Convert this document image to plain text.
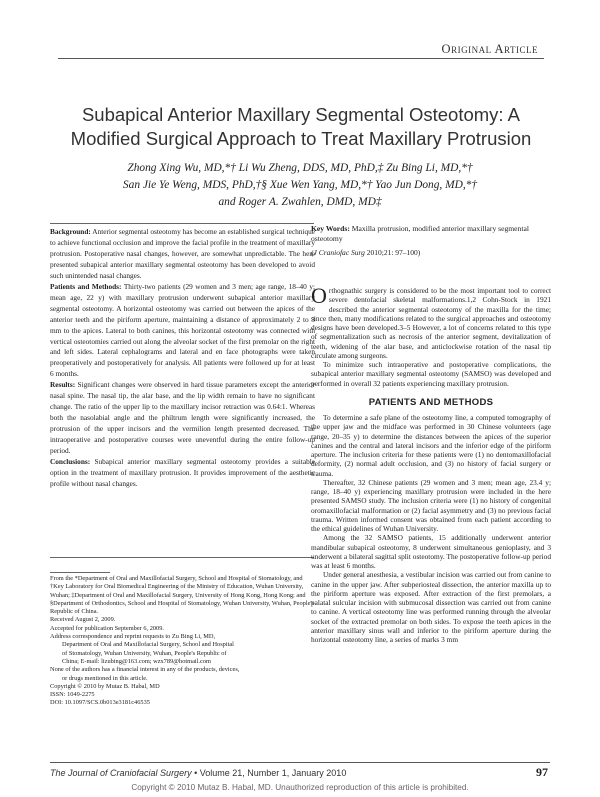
Original Article
Subapical Anterior Maxillary Segmental Osteotomy: A
Modified Surgical Approach to Treat Maxillary Protrusion
Zhong Xing Wu, MD,*† Li Wu Zheng, DDS, MD, PhD,‡ Zu Bing Li, MD,*†
San Jie Ye Weng, MDS, PhD,†§ Xue Wen Yang, MD,*† Yao Jun Dong, MD,*†
and Roger A. Zwahlen, DMD, MD‡

Background: Anterior segmental osteotomy has become an established surgical technique to achieve functional occlusion and improve the facial profile in the treatment of maxillary protrusion. Postoperative nasal changes, however, are somewhat unpredictable. The here presented subapical anterior maxillary segmental osteotomy has been developed to avoid such unintended nasal changes.

Patients and Methods: Thirty-two patients (29 women and 3 men; age range, 18–40 y; mean age, 22 y) with maxillary protrusion underwent subapical anterior maxillary segmental osteotomy. A horizontal osteotomy was carried out between the apices of the anterior teeth and the piriform aperture, maintaining a distance of approximately 2 to 3 mm to the apices. Lateral to both canines, this horizontal osteotomy was connected with vertical osteotomies carried out along the alveolar socket of the first premolar on the right and left sides. Lateral cephalograms and lateral and en face photographs were taken preoperatively and postoperatively for analysis. All patients were followed up for at least 6 months.

Results: Significant changes were observed in hard tissue parameters except the anterior nasal spine. The nasal tip, the alar base, and the lip width remain to have no significant change. The ratio of the upper lip to the maxillary incisor retraction was 0.64:1. Whereas both the nasolabial angle and the philtrum length were significantly increased, the protrusion of the upper incisors and the vermilion length presented decreased. The intraoperative and postoperative courses were uneventful during the entire follow-up period.

Conclusions: Subapical anterior maxillary segmental osteotomy provides a suitable option in the treatment of maxillary protrusion. It provides improvement of the aesthetic profile without nasal changes.

Key Words: Maxilla protrusion, modified anterior maxillary segmental osteotomy
(J Craniofac Surg 2010;21: 97–100)

Orthognathic surgery is considered to be the most important tool to correct severe dentofacial skeletal malformations.1,2 Cohn-Stock in 1921 described the anterior segmental osteotomy of the maxilla for the time; since then, many modifications related to the surgical approaches and osteotomy designs have been developed.3–5 However, a lot of concerns related to this type of segmentalization such as necrosis of the anterior segment, devitalization of teeth, widening of the alar base, and anticlockwise rotation of the nasal tip circulate among surgeons.

To minimize such intraoperative and postoperative complications, the subapical anterior maxillary segmental osteotomy (SAMSO) was developed and performed in overall 32 patients experiencing maxillary protrusion.

PATIENTS AND METHODS

To determine a safe plane of the osteotomy line, a computed tomography of the upper jaw and the midface was performed in 30 Chinese volunteers (age range, 20–35 y) to determine the distances between the apices of the superior canines and the central and lateral incisors and the inferior edge of the piriform aperture. The inclusion criteria for these patients were (1) no dentomaxillofacial deformity, (2) normal adult occlusion, and (3) no history of facial surgery or trauma.

Thereafter, 32 Chinese patients (29 women and 3 men; mean age, 23.4 y; range, 18–40 y) experiencing maxillary protrusion were included in the here presented SAMSO study. The inclusion criteria were (1) no history of congenital oromaxillofacial malformation or (2) facial asymmetry and (3) no previous facial trauma. Written informed consent was obtained from each patient according to the ethical guidelines of Wuhan University.

Among the 32 SAMSO patients, 15 additionally underwent anterior mandibular subapical osteotomy, 8 underwent simultaneous genioplasty, and 3 underwent a bilateral sagittal split osteotomy. The postoperative follow-up period was at least 6 months.

Under general anesthesia, a vestibular incision was carried out from canine to canine in the upper jaw. After subperiosteal dissection, the anterior maxilla up to the piriform aperture was exposed. After extraction of the first premolars, a palatal sulcular incision with submucosal dissection was carried out from canine to canine. A vertical osteotomy line was performed running through the alveolar socket of the extracted premolar on both sides. To expose the teeth apices in the anterior maxillary sinus wall and inferior to the piriform aperture during the horizontal osteotomy line, a series of marks 3 mm

From the *Department of Oral and Maxillofacial Surgery, School and Hospital of Stomatology, and †Key Laboratory for Oral Biomedical Engineering of the Ministry of Education, Wuhan University, Wuhan; ‡Department of Oral and Maxillofacial Surgery, University of Hong Kong, Hong Kong; and §Department of Orthodontics, School and Hospital of Stomatology, Wuhan University, Wuhan, People's Republic of China.

Received August 2, 2009.

Accepted for publication September 6, 2009.

Address correspondence and reprint requests to Zu Bing Li, MD,

Department of Oral and Maxillofacial Surgery, School and Hospital

of Stomatology, Wuhan University, Wuhan, People's Republic of

China; E-mail: lizubing@163.com; wzx789@hotmail.com

None of the authors has a financial interest in any of the products, devices,

or drugs mentioned in this article.

Copyright © 2010 by Mutaz B. Habal, MD

ISSN: 1049-2275

DOI: 10.1097/SCS.0b013e3181c46535

The Journal of Craniofacial Surgery • Volume 21, Number 1, January 2010	97
Copyright © 2010 Mutaz B. Habal, MD. Unauthorized reproduction of this article is prohibited.
